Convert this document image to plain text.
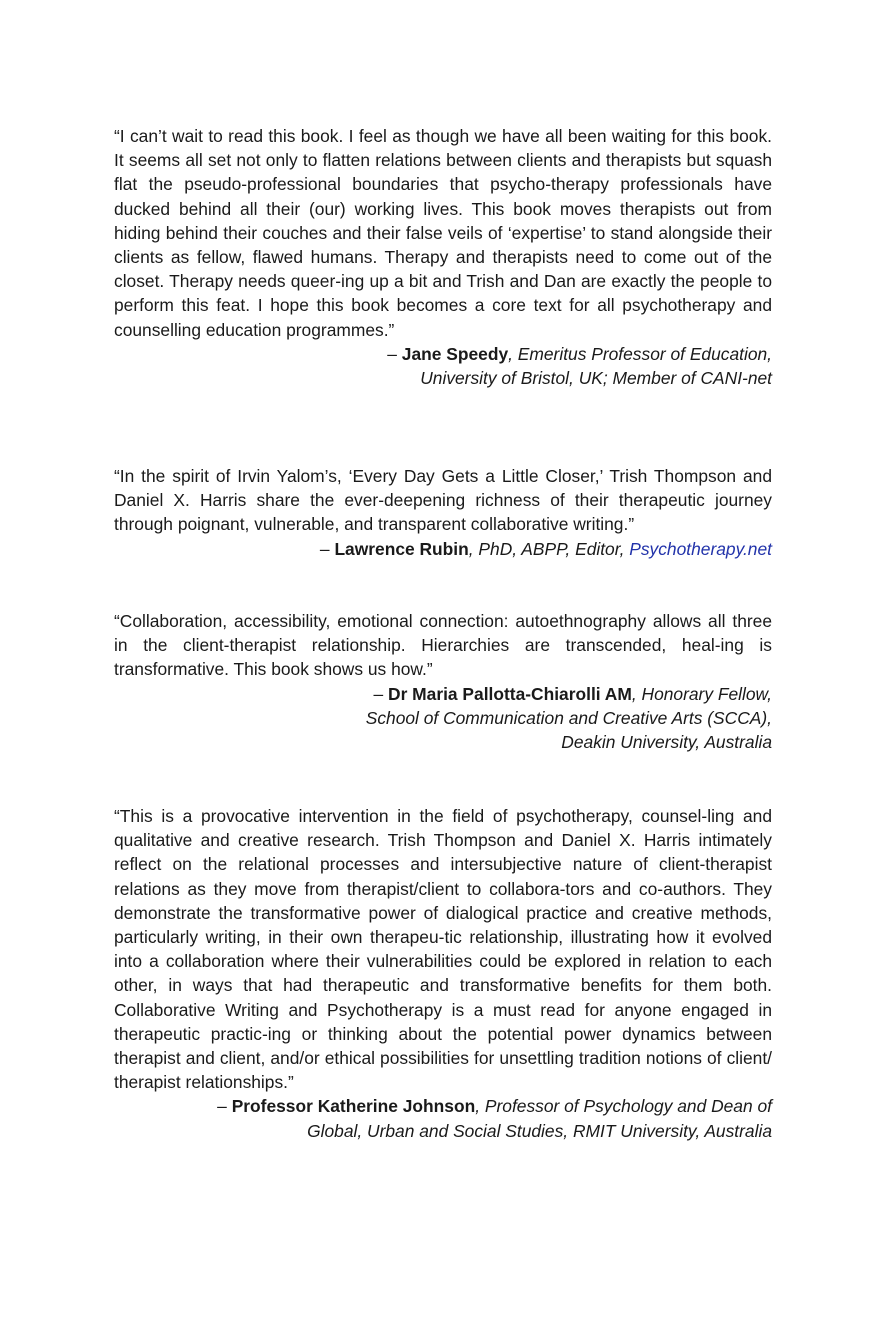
“I can’t wait to read this book. I feel as though we have all been waiting for this book. It seems all set not only to flatten relations between clients and therapists but squash flat the pseudo-professional boundaries that psycho-therapy professionals have ducked behind all their (our) working lives. This book moves therapists out from hiding behind their couches and their false veils of ‘expertise’ to stand alongside their clients as fellow, flawed humans. Therapy and therapists need to come out of the closet. Therapy needs queer-ing up a bit and Trish and Dan are exactly the people to perform this feat. I hope this book becomes a core text for all psychotherapy and counselling education programmes.”

– Jane Speedy, Emeritus Professor of Education,
University of Bristol, UK; Member of CANI-net

“In the spirit of Irvin Yalom’s, ‘Every Day Gets a Little Closer,’ Trish Thompson and Daniel X. Harris share the ever-deepening richness of their therapeutic journey through poignant, vulnerable, and transparent collaborative writing.”

– Lawrence Rubin, PhD, ABPP, Editor, Psychotherapy.net

“Collaboration, accessibility, emotional connection: autoethnography allows all three in the client-therapist relationship. Hierarchies are transcended, heal-ing is transformative. This book shows us how.”

– Dr Maria Pallotta-Chiarolli AM, Honorary Fellow,
School of Communication and Creative Arts (SCCA),
Deakin University, Australia

“This is a provocative intervention in the field of psychotherapy, counsel-ling and qualitative and creative research. Trish Thompson and Daniel X. Harris intimately reflect on the relational processes and intersubjective nature of client-therapist relations as they move from therapist/client to collabora-tors and co-authors. They demonstrate the transformative power of dialogical practice and creative methods, particularly writing, in their own therapeu-tic relationship, illustrating how it evolved into a collaboration where their vulnerabilities could be explored in relation to each other, in ways that had therapeutic and transformative benefits for them both. Collaborative Writing and Psychotherapy is a must read for anyone engaged in therapeutic practic-ing or thinking about the potential power dynamics between therapist and client, and/or ethical possibilities for unsettling tradition notions of client/ therapist relationships.”

– Professor Katherine Johnson, Professor of Psychology and Dean of
Global, Urban and Social Studies, RMIT University, Australia
